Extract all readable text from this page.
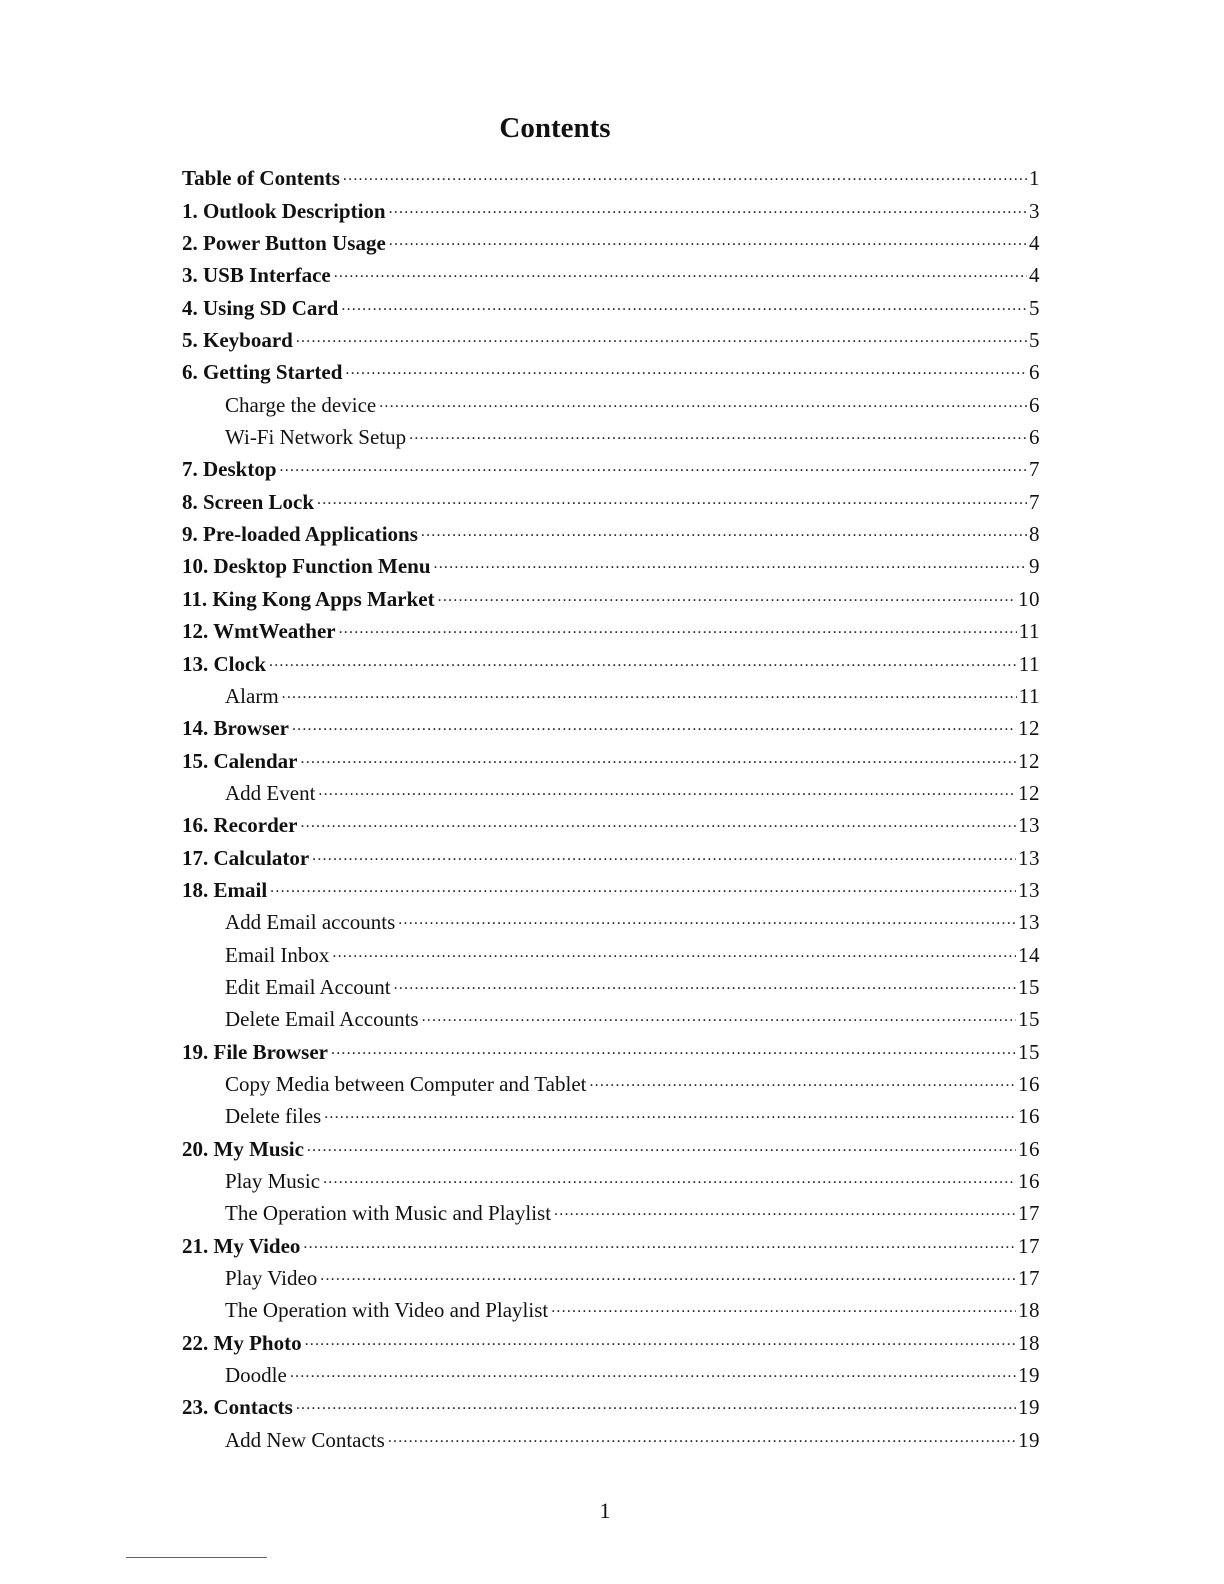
Contents
Table of Contents .....	1
1. Outlook Description .....	3
2. Power Button Usage .....	4
3. USB Interface .....	4
4. Using SD Card .....	5
5. Keyboard .....	5
6. Getting Started .....	6
Charge the device .....	6
Wi-Fi Network Setup .....	6
7. Desktop .....	7
8. Screen Lock .....	7
9. Pre-loaded Applications .....	8
10. Desktop Function Menu .....	9
11. King Kong Apps Market .....	10
12. WmtWeather .....	11
13. Clock .....	11
Alarm .....	11
14. Browser .....	12
15. Calendar .....	12
Add Event .....	12
16. Recorder .....	13
17. Calculator .....	13
18. Email .....	13
Add Email accounts .....	13
Email Inbox .....	14
Edit Email Account .....	15
Delete Email Accounts .....	15
19. File Browser .....	15
Copy Media between Computer and Tablet .....	16
Delete files .....	16
20. My Music .....	16
Play Music .....	16
The Operation with Music and Playlist .....	17
21. My Video .....	17
Play Video .....	17
The Operation with Video and Playlist .....	18
22. My Photo .....	18
Doodle .....	19
23. Contacts .....	19
Add New Contacts .....	19
1
